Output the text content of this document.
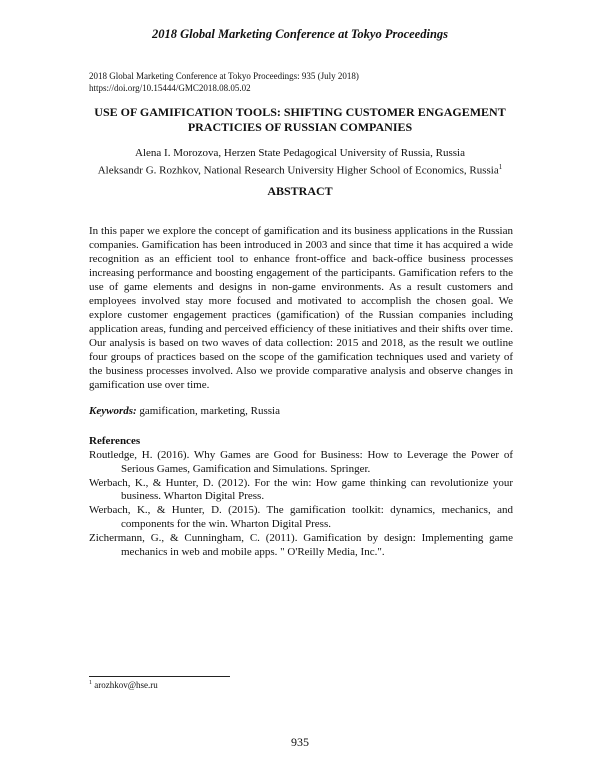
2018 Global Marketing Conference at Tokyo Proceedings
2018 Global Marketing Conference at Tokyo Proceedings: 935 (July 2018)
https://doi.org/10.15444/GMC2018.08.05.02
USE OF GAMIFICATION TOOLS: SHIFTING CUSTOMER ENGAGEMENT
PRACTICIES OF RUSSIAN COMPANIES
Alena I. Morozova, Herzen State Pedagogical University of Russia, Russia
Aleksandr G. Rozhkov, National Research University Higher School of Economics, Russia$^1$
ABSTRACT

In this paper we explore the concept of gamification and its business applications in the Russian companies. Gamification has been introduced in 2003 and since that time it has acquired a wide recognition as an efficient tool to enhance front-office and back-office business processes increasing performance and boosting engagement of the participants. Gamification refers to the use of game elements and designs in non-game environments. As a result customers and employees involved stay more focused and motivated to accomplish the chosen goal. We explore customer engagement practices (gamification) of the Russian companies including application areas, funding and perceived efficiency of these initiatives and their shifts over time. Our analysis is based on two waves of data collection: 2015 and 2018, as the result we outline four groups of practices based on the scope of the gamification techniques used and variety of the business processes involved. Also we provide comparative analysis and observe changes in gamification use over time.

Keywords: gamification, marketing, Russia
References
Routledge, H. (2016). Why Games are Good for Business: How to Leverage the Power of Serious Games, Gamification and Simulations. Springer.
Werbach, K., & Hunter, D. (2012). For the win: How game thinking can revolutionize your business. Wharton Digital Press.
Werbach, K., & Hunter, D. (2015). The gamification toolkit: dynamics, mechanics, and components for the win. Wharton Digital Press.
Zichermann, G., & Cunningham, C. (2011). Gamification by design: Implementing game mechanics in web and mobile apps. " O'Reilly Media, Inc.".
$^1$ arozhkov@hse.ru
935
